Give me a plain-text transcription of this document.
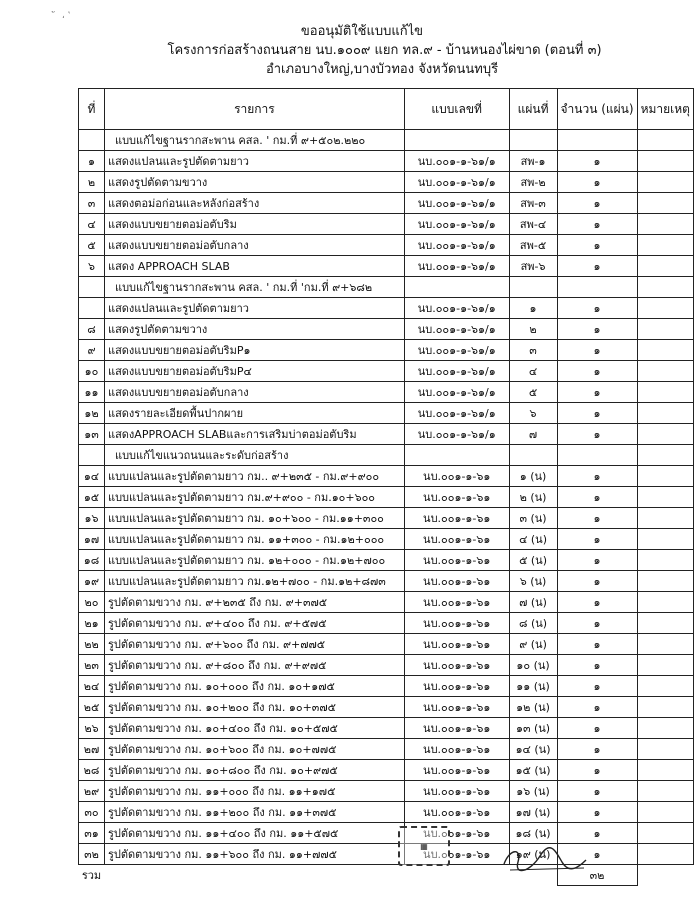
ั ، ‛
ขออนุมัติใช้แบบแก้ไข
โครงการก่อสร้างถนนสาย นบ.๑๐๐๙ แยก ทล.๙ - บ้านหนองไผ่ขาด (ตอนที่ ๓)
อำเภอบางใหญ่,บางบัวทอง จังหวัดนนทบุรี
ที่	รายการ	แบบเลขที่	แผ่นที่	จำนวน (แผ่น)	หมายเหตุ
	แบบแก้ไขฐานรากสะพาน คสล. ' กม.ที่ ๙+๕๐๒.๒๒๐				
๑	แสดงแปลนและรูปตัดตามยาว	นบ.๐๐๑-๑-๖๑/๑	สพ-๑	๑	
๒	แสดงรูปตัดตามขวาง	นบ.๐๐๑-๑-๖๑/๑	สพ-๒	๑	
๓	แสดงตอม่อก่อนและหลังก่อสร้าง	นบ.๐๐๑-๑-๖๑/๑	สพ-๓	๑	
๔	แสดงแบบขยายตอม่อตับริม	นบ.๐๐๑-๑-๖๑/๑	สพ-๔	๑	
๕	แสดงแบบขยายตอม่อตับกลาง	นบ.๐๐๑-๑-๖๑/๑	สพ-๕	๑	
๖	แสดง APPROACH SLAB	นบ.๐๐๑-๑-๖๑/๑	สพ-๖	๑	
	แบบแก้ไขฐานรากสะพาน คสล. ' กม.ที่ 'กม.ที่ ๙+๖๘๒				
	แสดงแปลนและรูปตัดตามยาว	นบ.๐๐๑-๑-๖๑/๑	๑	๑	
๘	แสดงรูปตัดตามขวาง	นบ.๐๐๑-๑-๖๑/๑	๒	๑	
๙	แสดงแบบขยายตอม่อตับริมP๑	นบ.๐๐๑-๑-๖๑/๑	๓	๑	
๑๐	แสดงแบบขยายตอม่อตับริมP๔	นบ.๐๐๑-๑-๖๑/๑	๔	๑	
๑๑	แสดงแบบขยายตอม่อตับกลาง	นบ.๐๐๑-๑-๖๑/๑	๕	๑	
๑๒	แสดงรายละเอียดพื้นปากผาย	นบ.๐๐๑-๑-๖๑/๑	๖	๑	
๑๓	แสดงAPPROACH SLABและการเสริมบ่าตอม่อตับริม	นบ.๐๐๑-๑-๖๑/๑	๗	๑	
	แบบแก้ไขแนวถนนและระดับก่อสร้าง				
๑๔	แบบแปลนและรูปตัดตามยาว กม.. ๙+๒๓๕ - กม.๙+๙๐๐	นบ.๐๐๑-๑-๖๑	๑ (น)	๑	
๑๕	แบบแปลนและรูปตัดตามยาว กม.๙+๙๐๐ - กม.๑๐+๖๐๐	นบ.๐๐๑-๑-๖๑	๒ (น)	๑	
๑๖	แบบแปลนและรูปตัดตามยาว กม. ๑๐+๖๐๐ - กม.๑๑+๓๐๐	นบ.๐๐๑-๑-๖๑	๓ (น)	๑	
๑๗	แบบแปลนและรูปตัดตามยาว กม. ๑๑+๓๐๐ - กม.๑๒+๐๐๐	นบ.๐๐๑-๑-๖๑	๔ (น)	๑	
๑๘	แบบแปลนและรูปตัดตามยาว กม. ๑๒+๐๐๐ - กม.๑๒+๗๐๐	นบ.๐๐๑-๑-๖๑	๕ (น)	๑	
๑๙	แบบแปลนและรูปตัดตามยาว กม.๑๒+๗๐๐ - กม.๑๒+๘๗๓	นบ.๐๐๑-๑-๖๑	๖ (น)	๑	
๒๐	รูปตัดตามขวาง กม. ๙+๒๓๕ ถึง กม. ๙+๓๗๕	นบ.๐๐๑-๑-๖๑	๗ (น)	๑	
๒๑	รูปตัดตามขวาง กม. ๙+๔๐๐ ถึง กม. ๙+๕๗๕	นบ.๐๐๑-๑-๖๑	๘ (น)	๑	
๒๒	รูปตัดตามขวาง กม. ๙+๖๐๐ ถึง กม. ๙+๗๗๕	นบ.๐๐๑-๑-๖๑	๙ (น)	๑	
๒๓	รูปตัดตามขวาง กม. ๙+๘๐๐ ถึง กม. ๙+๙๗๕	นบ.๐๐๑-๑-๖๑	๑๐ (น)	๑	
๒๔	รูปตัดตามขวาง กม. ๑๐+๐๐๐ ถึง กม. ๑๐+๑๗๕	นบ.๐๐๑-๑-๖๑	๑๑ (น)	๑	
๒๕	รูปตัดตามขวาง กม. ๑๐+๒๐๐ ถึง กม. ๑๐+๓๗๕	นบ.๐๐๑-๑-๖๑	๑๒ (น)	๑	
๒๖	รูปตัดตามขวาง กม. ๑๐+๔๐๐ ถึง กม. ๑๐+๕๗๕	นบ.๐๐๑-๑-๖๑	๑๓ (น)	๑	
๒๗	รูปตัดตามขวาง กม. ๑๐+๖๐๐ ถึง กม. ๑๐+๗๗๕	นบ.๐๐๑-๑-๖๑	๑๔ (น)	๑	
๒๘	รูปตัดตามขวาง กม. ๑๐+๘๐๐ ถึง กม. ๑๐+๙๗๕	นบ.๐๐๑-๑-๖๑	๑๕ (น)	๑	
๒๙	รูปตัดตามขวาง กม. ๑๑+๐๐๐ ถึง กม. ๑๑+๑๗๕	นบ.๐๐๑-๑-๖๑	๑๖ (น)	๑	
๓๐	รูปตัดตามขวาง กม. ๑๑+๒๐๐ ถึง กม. ๑๑+๓๗๕	นบ.๐๐๑-๑-๖๑	๑๗ (น)	๑	
๓๑	รูปตัดตามขวาง กม. ๑๑+๔๐๐ ถึง กม. ๑๑+๕๗๕	นบ.๐๐๑-๑-๖๑	๑๘ (น)	๑	
๓๒	รูปตัดตามขวาง กม. ๑๑+๖๐๐ ถึง กม. ๑๑+๗๗๕	นบ.๐๐๑-๑-๖๑	๑๙ (น)	๑	
รวม				๓๒	
▦
